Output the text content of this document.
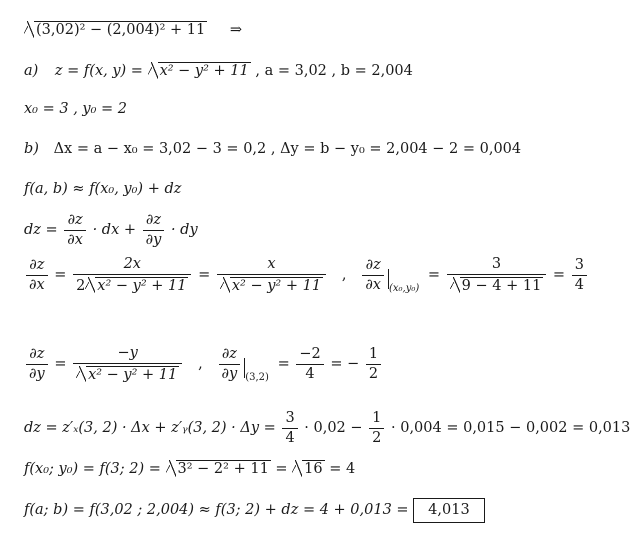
(3,02)² − (2,004)² + 11 ⇒
a) z = f(x, y) = x² − y² + 11 , a = 3,02 , b = 2,004
x₀ = 3 , y₀ = 2
b) Δx = a − x₀ = 3,02 − 3 = 0,2 , Δy = b − y₀ = 2,004 − 2 = 0,004
f(a, b) ≈ f(x₀, y₀) + dz
dz = $\frac{\partial z}{\partial x}$ · dx + $\frac{\partial z}{\partial y}$ · dy
$\frac{\partial z}{\partial x} = \frac{2x}{\text{2 x² − y² + 11}} = \frac{x}{\text{x² − y² + 11}}$ , $\frac{\partial z}{\partial x} _{(x_0,y_0)} = \frac{3}{9 - 4 + 11} = \frac{3}{4}$
$\frac{\partial z}{\partial y} = \frac{-y}{\text{x² − y² + 11}}$ , $\frac{\partial z}{\partial y} _{(3,2)} = \frac{-2}{4}$ = − $\frac{1}{2}$
dz = z′ₓ(3, 2) · Δx + z′ᵧ(3, $2) \cdot \Delta y = \frac{3}{4} \cdot 0,02 - \frac{1}{2} \cdot 0,004 = 0,015 - 0,002 = 0,013$
f(x₀; y₀) = f(3; 2) = 3² − 2² + 11 = 16 = 4
f(a; b) = f(3,02 ; 2,004) ≈ f(3; 2) + dz = 4 + 0,013 = 4,013
